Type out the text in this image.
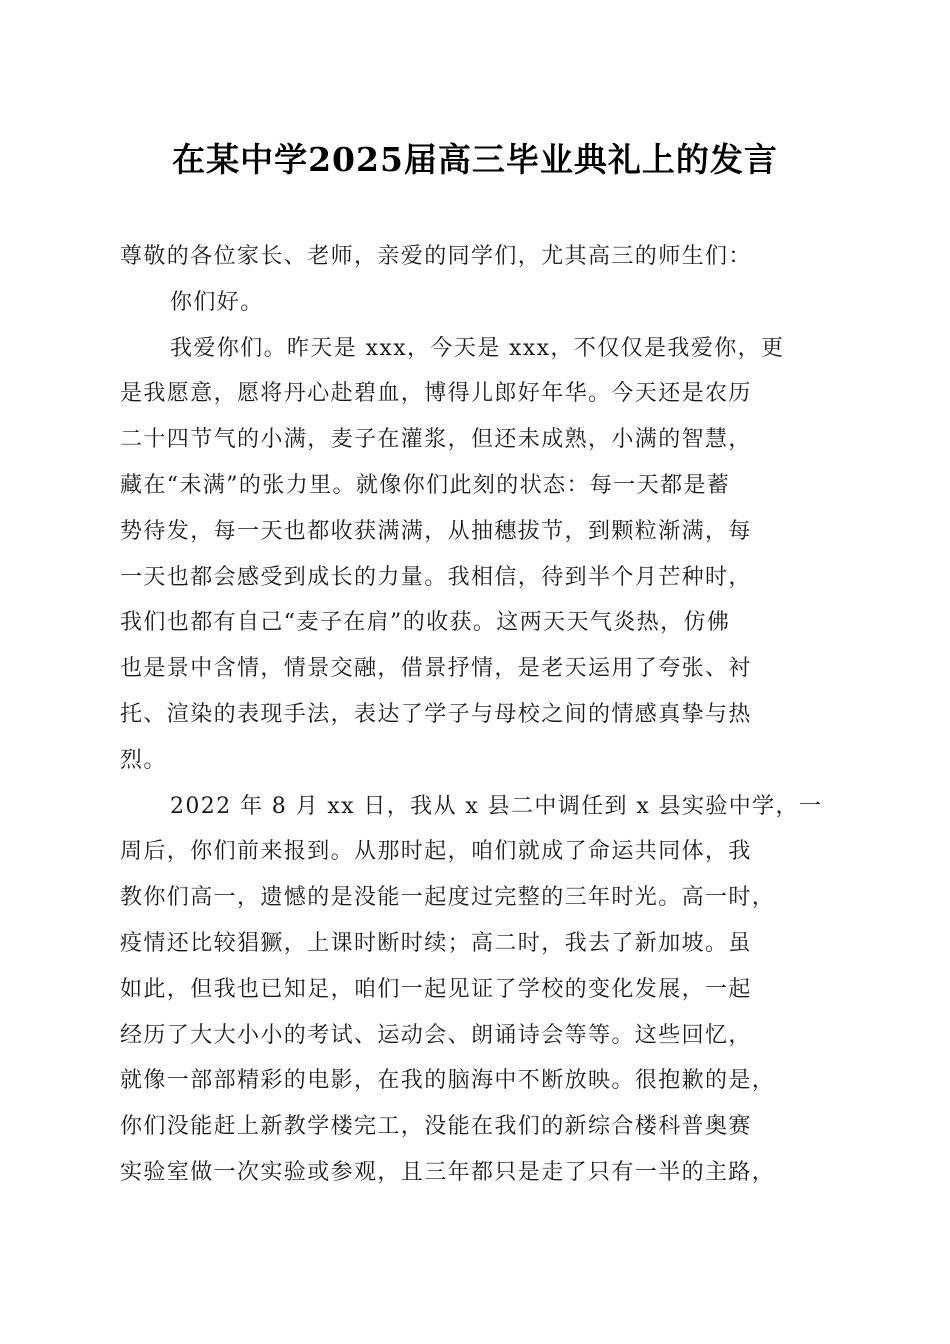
在某中学2025届高三毕业典礼上的发言
尊敬的各位家长、老师，亲爱的同学们，尤其高三的师生们：
你们好。
我爱你们。昨天是 xxx，今天是 xxx，不仅仅是我爱你，更
是我愿意，愿将丹心赴碧血，博得儿郎好年华。今天还是农历
二十四节气的小满，麦子在灌浆，但还未成熟，小满的智慧，
藏在“未满”的张力里。就像你们此刻的状态：每一天都是蓄
势待发，每一天也都收获满满，从抽穗拔节，到颗粒渐满，每
一天也都会感受到成长的力量。我相信，待到半个月芒种时，
我们也都有自己“麦子在肩”的收获。这两天天气炎热，仿佛
也是景中含情，情景交融，借景抒情，是老天运用了夸张、衬
托、渲染的表现手法，表达了学子与母校之间的情感真挚与热
烈。
2022 年 8 月 xx 日，我从 x 县二中调任到 x 县实验中学，一
周后，你们前来报到。从那时起，咱们就成了命运共同体，我
教你们高一，遗憾的是没能一起度过完整的三年时光。高一时，
疫情还比较猖獗，上课时断时续；高二时，我去了新加坡。虽
如此，但我也已知足，咱们一起见证了学校的变化发展，一起
经历了大大小小的考试、运动会、朗诵诗会等等。这些回忆，
就像一部部精彩的电影，在我的脑海中不断放映。很抱歉的是，
你们没能赶上新教学楼完工，没能在我们的新综合楼科普奥赛
实验室做一次实验或参观，且三年都只是走了只有一半的主路，
